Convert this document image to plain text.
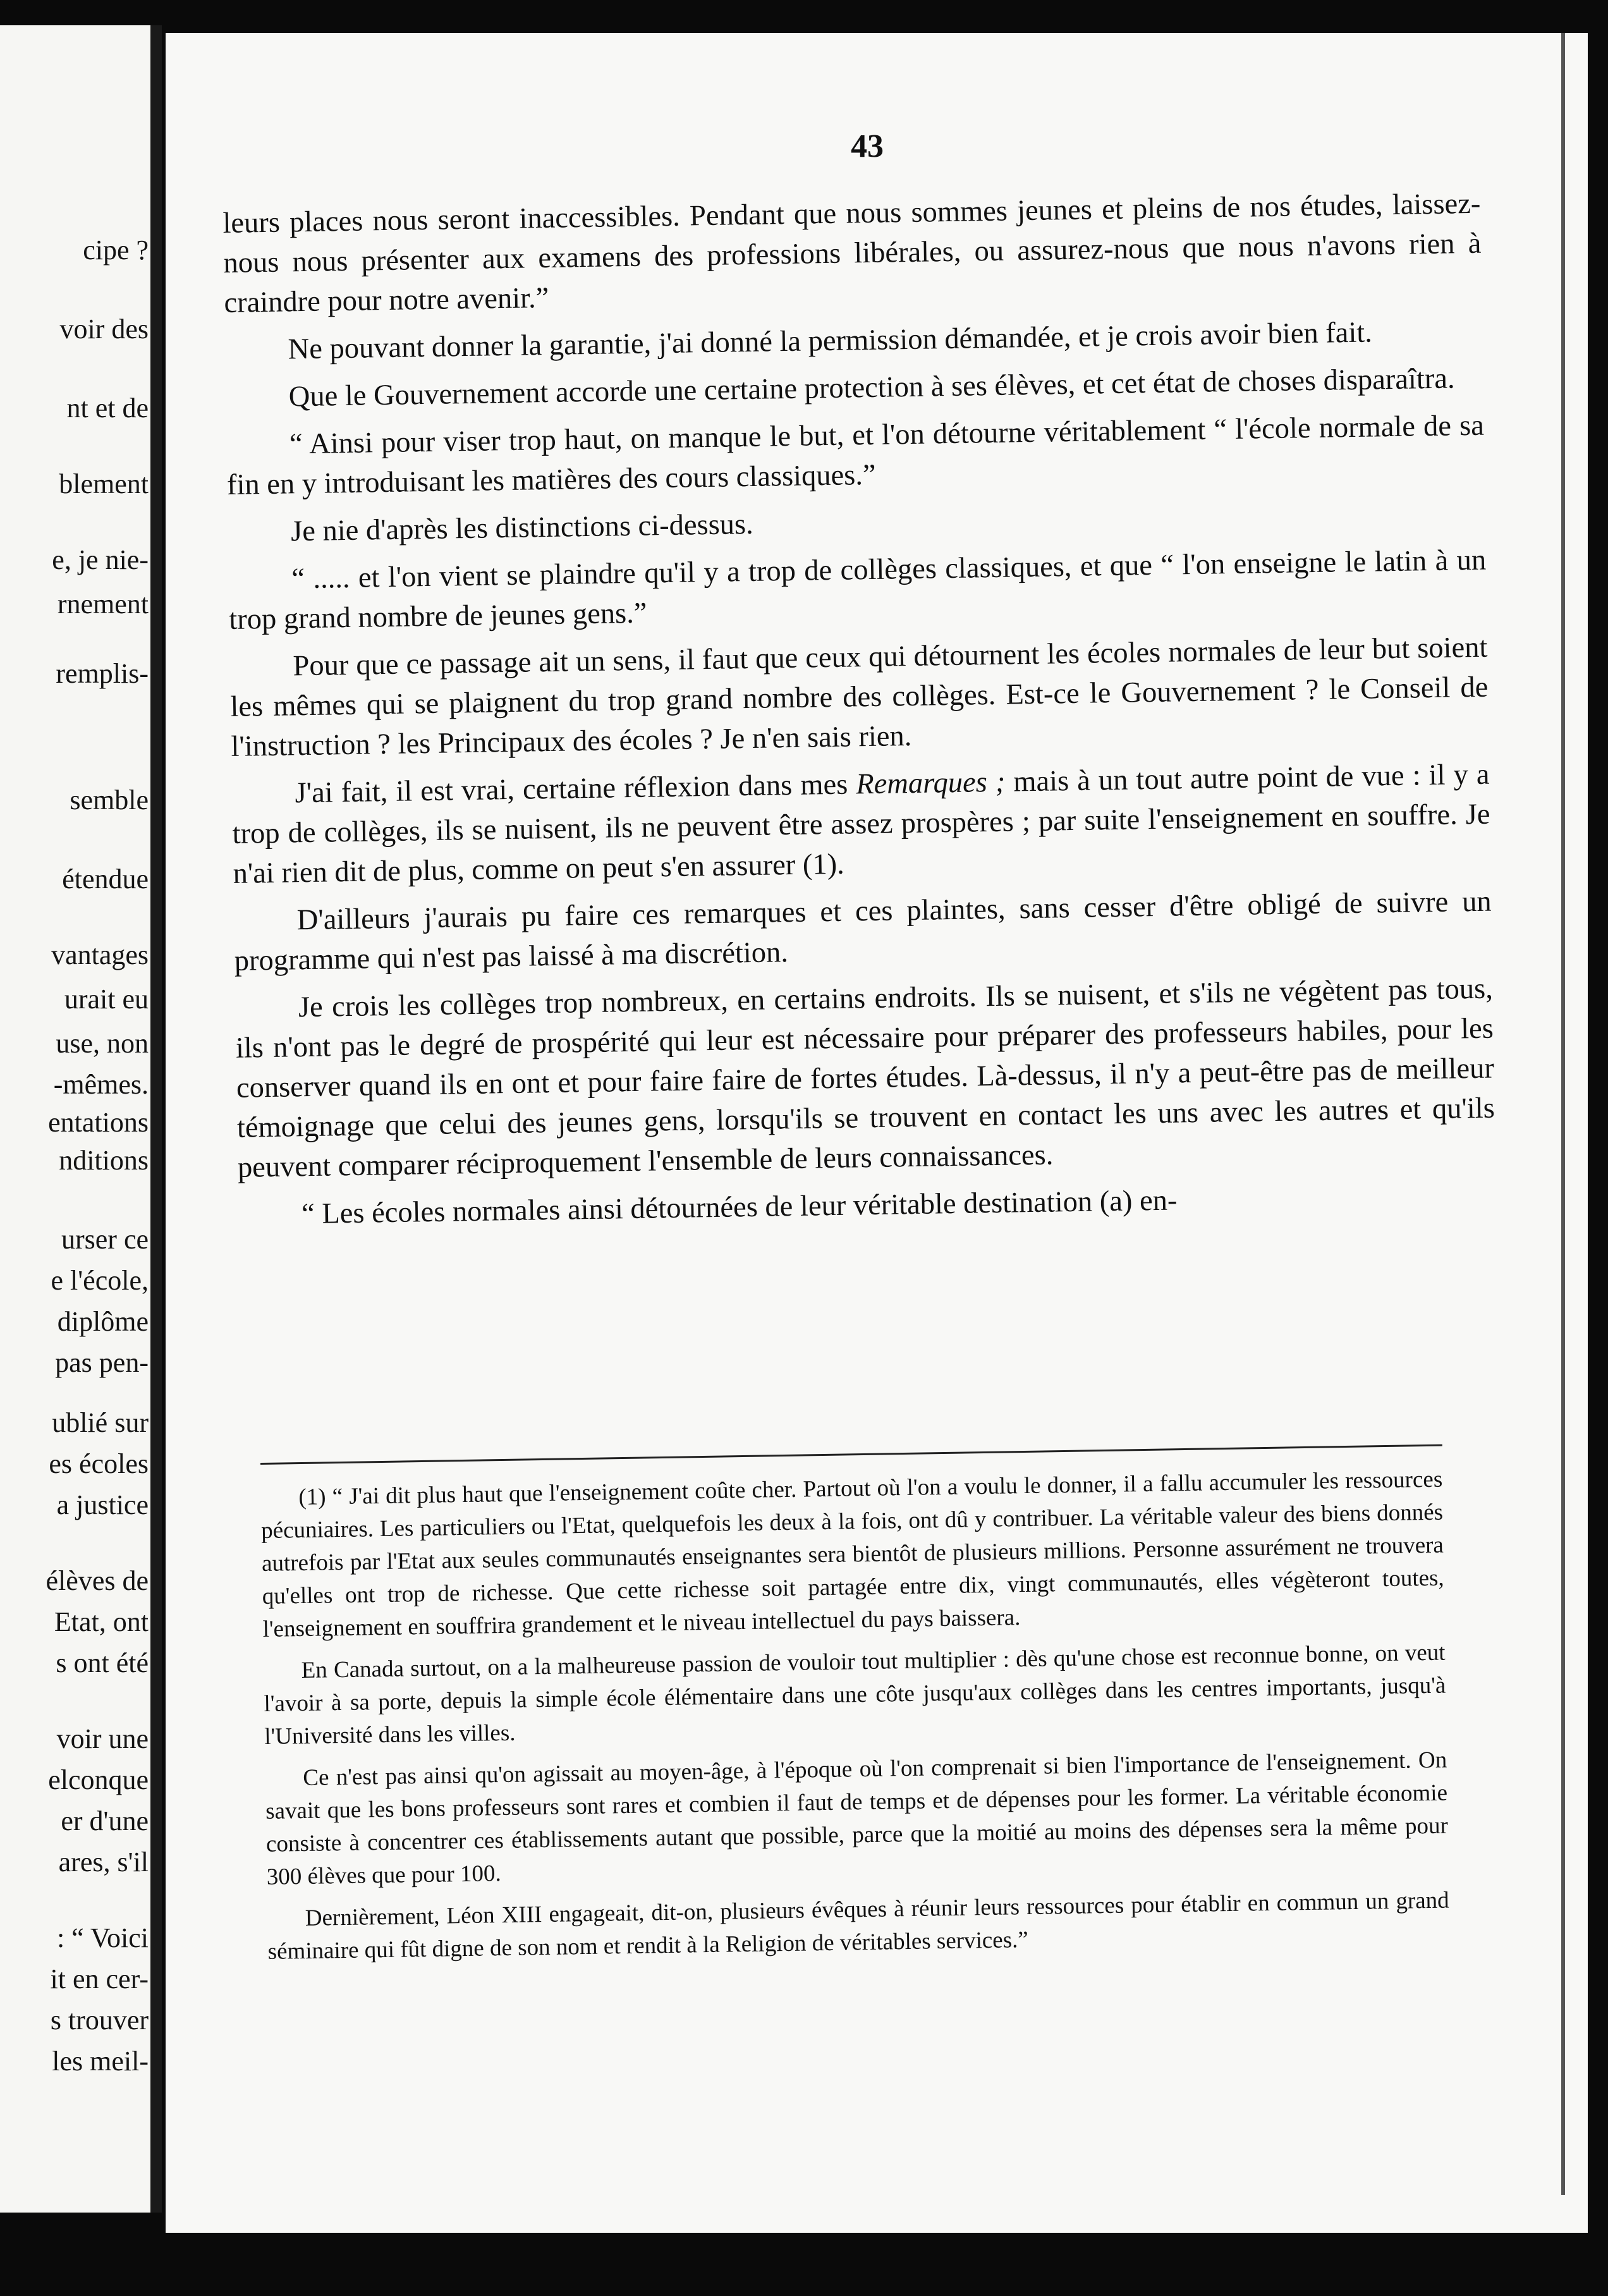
cipe ?
voir des
nt et de
blement
e, je nie-
rnement
remplis-
semble
étendue
vantages
urait eu
use, non
-mêmes.
entations
nditions
urser ce
e l'école,
diplôme
pas pen-
ublié sur
es écoles
a justice
élèves de
Etat, ont
s ont été
voir une
elconque
er d'une
ares, s'il
: “ Voici
it en cer-
s trouver
les meil-
43

leurs places nous seront inaccessibles. Pendant que nous sommes jeunes et pleins de nos études, laissez-nous nous présenter aux examens des professions libérales, ou assurez-nous que nous n'avons rien à craindre pour notre avenir.”

Ne pouvant donner la garantie, j'ai donné la permission démandée, et je crois avoir bien fait.

Que le Gouvernement accorde une certaine protection à ses élèves, et cet état de choses disparaîtra.

“ Ainsi pour viser trop haut, on manque le but, et l'on détourne véritablement “ l'école normale de sa fin en y introduisant les matières des cours classiques.”

Je nie d'après les distinctions ci-dessus.

“ ..... et l'on vient se plaindre qu'il y a trop de collèges classiques, et que “ l'on enseigne le latin à un trop grand nombre de jeunes gens.”

Pour que ce passage ait un sens, il faut que ceux qui détournent les écoles normales de leur but soient les mêmes qui se plaignent du trop grand nombre des collèges. Est-ce le Gouvernement ? le Conseil de l'instruction ? les Principaux des écoles ? Je n'en sais rien.

J'ai fait, il est vrai, certaine réflexion dans mes Remarques ; mais à un tout autre point de vue : il y a trop de collèges, ils se nuisent, ils ne peuvent être assez prospères ; par suite l'enseignement en souffre. Je n'ai rien dit de plus, comme on peut s'en assurer (1).

D'ailleurs j'aurais pu faire ces remarques et ces plaintes, sans cesser d'être obligé de suivre un programme qui n'est pas laissé à ma discrétion.

Je crois les collèges trop nombreux, en certains endroits. Ils se nuisent, et s'ils ne végètent pas tous, ils n'ont pas le degré de prospérité qui leur est nécessaire pour préparer des professeurs habiles, pour les conserver quand ils en ont et pour faire faire de fortes études. Là-dessus, il n'y a peut-être pas de meilleur témoignage que celui des jeunes gens, lorsqu'ils se trouvent en contact les uns avec les autres et qu'ils peuvent comparer réciproquement l'ensemble de leurs connaissances.

“ Les écoles normales ainsi détournées de leur véritable destination (a) en-

(1) “ J'ai dit plus haut que l'enseignement coûte cher. Partout où l'on a voulu le donner, il a fallu accumuler les ressources pécuniaires. Les particuliers ou l'Etat, quelquefois les deux à la fois, ont dû y contribuer. La véritable valeur des biens donnés autrefois par l'Etat aux seules communautés enseignantes sera bientôt de plusieurs millions. Personne assurément ne trouvera qu'elles ont trop de richesse. Que cette richesse soit partagée entre dix, vingt communautés, elles végèteront toutes, l'enseignement en souffrira grandement et le niveau intellectuel du pays baissera.

En Canada surtout, on a la malheureuse passion de vouloir tout multiplier : dès qu'une chose est reconnue bonne, on veut l'avoir à sa porte, depuis la simple école élémentaire dans une côte jusqu'aux collèges dans les centres importants, jusqu'à l'Université dans les villes.

Ce n'est pas ainsi qu'on agissait au moyen-âge, à l'époque où l'on comprenait si bien l'importance de l'enseignement. On savait que les bons professeurs sont rares et combien il faut de temps et de dépenses pour les former. La véritable économie consiste à concentrer ces établissements autant que possible, parce que la moitié au moins des dépenses sera la même pour 300 élèves que pour 100.

Dernièrement, Léon XIII engageait, dit-on, plusieurs évêques à réunir leurs ressources pour établir en commun un grand séminaire qui fût digne de son nom et rendit à la Religion de véritables services.”
